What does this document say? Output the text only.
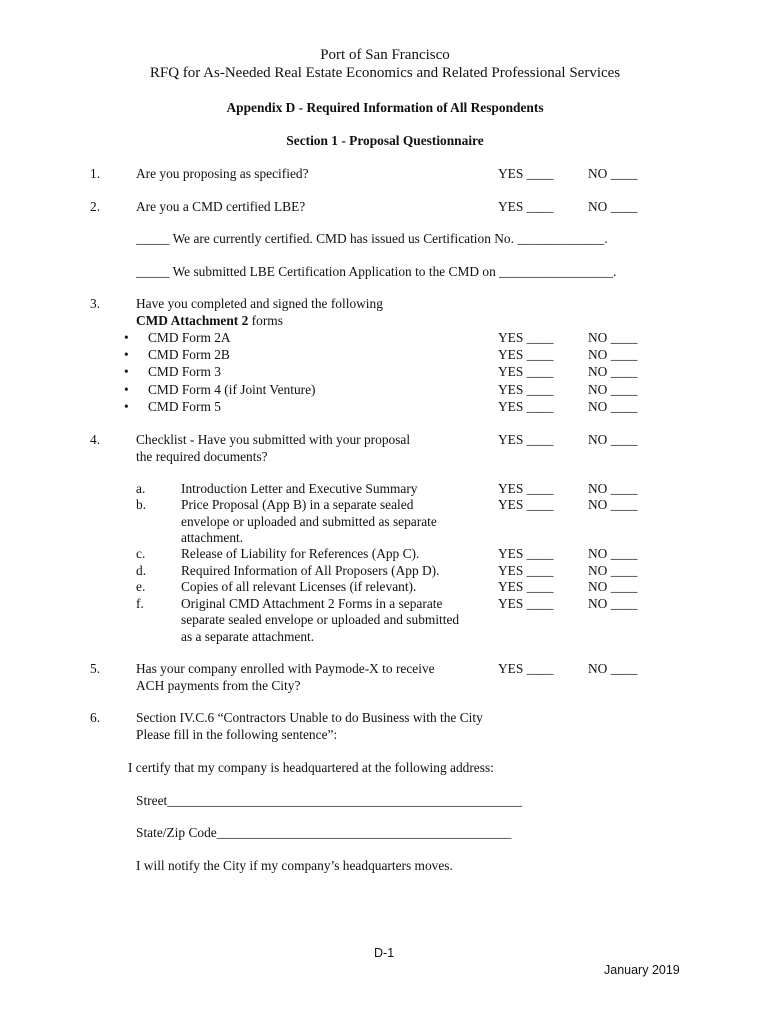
Port of San Francisco
RFQ for As-Needed Real Estate Economics and Related Professional Services
Appendix D - Required Information of All Respondents
Section 1 - Proposal Questionnaire
1.	Are you proposing as specified?	YES ____	NO ____
2.	Are you a CMD certified LBE?	YES ____	NO ____
_____ We are currently certified. CMD has issued us Certification No. _____________.
_____ We submitted LBE Certification Application to the CMD on _________________.
3.	Have you completed and signed the following
CMD Attachment 2 forms
• CMD Form 2A	YES ____	NO ____
• CMD Form 2B	YES ____	NO ____
• CMD Form 3	YES ____	NO ____
• CMD Form 4 (if Joint Venture)	YES ____	NO ____
• CMD Form 5	YES ____	NO ____
4.	Checklist - Have you submitted with your proposal
the required documents?
YES ____	NO ____
a.	Introduction Letter and Executive Summary	YES ____	NO ____
b.	Price Proposal (App B) in a separate sealed
envelope or uploaded and submitted as separate
attachment.
YES ____	NO ____
c.	Release of Liability for References (App C).	YES ____	NO ____
d.	Required Information of All Proposers (App D).	YES ____	NO ____
e.	Copies of all relevant Licenses (if relevant).	YES ____	NO ____
f.	Original CMD Attachment 2 Forms in a separate
separate sealed envelope or uploaded and submitted
as a separate attachment.
YES ____	NO ____
5.	Has your company enrolled with Paymode-X to receive
ACH payments from the City?
YES ____	NO ____
6.	Section IV.C.6 “Contractors Unable to do Business with the City
Please fill in the following sentence”:
I certify that my company is headquartered at the following address:
Street_____________________________________________________
State/Zip Code____________________________________________
I will notify the City if my company’s headquarters moves.
D-1
January 2019
